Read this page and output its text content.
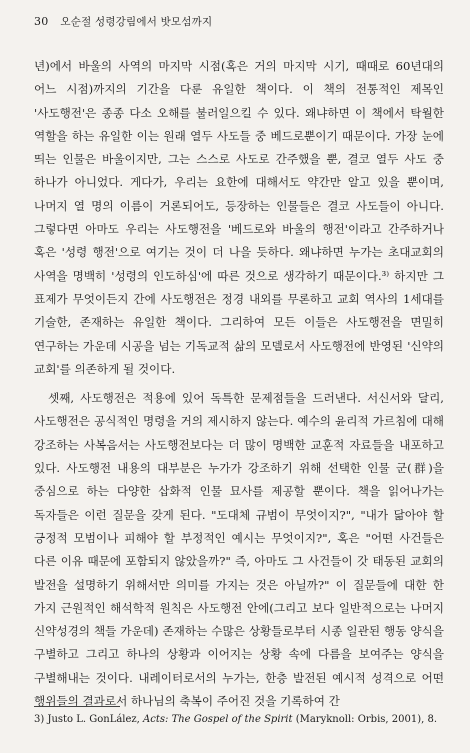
30 오순절 성령강림에서 밧모섬까지

년)에서 바울의 사역의 마지막 시점(혹은 거의 마지막 시기, 때때로 60년대의 어느 시점)까지의 기간을 다룬 유일한 책이다. 이 책의 전통적인 제목인 '사도행전'은 종종 다소 오해를 불러일으킬 수 있다. 왜냐하면 이 책에서 탁월한 역할을 하는 유일한 이는 원래 열두 사도들 중 베드로뿐이기 때문이다. 가장 눈에 띄는 인물은 바울이지만, 그는 스스로 사도로 간주했을 뿐, 결코 열두 사도 중 하나가 아니었다. 게다가, 우리는 요한에 대해서도 약간만 알고 있을 뿐이며, 나머지 열 명의 이름이 거론되어도, 등장하는 인물들은 결코 사도들이 아니다. 그렇다면 아마도 우리는 사도행전을 '베드로와 바울의 행전'이라고 간주하거나 혹은 '성령 행전'으로 여기는 것이 더 나을 듯하다. 왜냐하면 누가는 초대교회의 사역을 명백히 '성령의 인도하심'에 따른 것으로 생각하기 때문이다.³⁾ 하지만 그 표제가 무엇이든지 간에 사도행전은 정경 내외를 무론하고 교회 역사의 1세대를 기술한, 존재하는 유일한 책이다. 그리하여 모든 이들은 사도행전을 면밀히 연구하는 가운데 시공을 넘는 기독교적 삶의 모델로서 사도행전에 반영된 '신약의 교회'를 의존하게 될 것이다.

셋째, 사도행전은 적용에 있어 독특한 문제점들을 드러낸다. 서신서와 달리, 사도행전은 공식적인 명령을 거의 제시하지 않는다. 예수의 윤리적 가르침에 대해 강조하는 사복음서는 사도행전보다는 더 많이 명백한 교훈적 자료들을 내포하고 있다. 사도행전 내용의 대부분은 누가가 강조하기 위해 선택한 인물 군(群)을 중심으로 하는 다양한 삽화적 인물 묘사를 제공할 뿐이다. 책을 읽어나가는 독자들은 이런 질문을 갖게 된다. "도대체 규범이 무엇이지?", "내가 닮아야 할 긍정적 모범이나 피해야 할 부정적인 예시는 무엇이지?", 혹은 "어떤 사건들은 다른 이유 때문에 포함되지 않았을까?" 즉, 아마도 그 사건들이 갓 태동된 교회의 발전을 설명하기 위해서만 의미를 가지는 것은 아닐까?" 이 질문들에 대한 한 가지 근원적인 해석학적 원칙은 사도행전 안에(그리고 보다 일반적으로는 나머지 신약성경의 책들 가운데) 존재하는 수많은 상황들로부터 시종 일관된 행동 양식을 구별하고 그리고 하나의 상황과 이어지는 상황 속에 다름을 보여주는 양식을 구별해내는 것이다. 내레이터로서의 누가는, 한층 발전된 예시적 성격으로 어떤 행위들의 결과로서 하나님의 축복이 주어진 것을 기록하여 간

3) Justo L. GonLález, Acts: The Gospel of the Spirit (Maryknoll: Orbis, 2001), 8.
